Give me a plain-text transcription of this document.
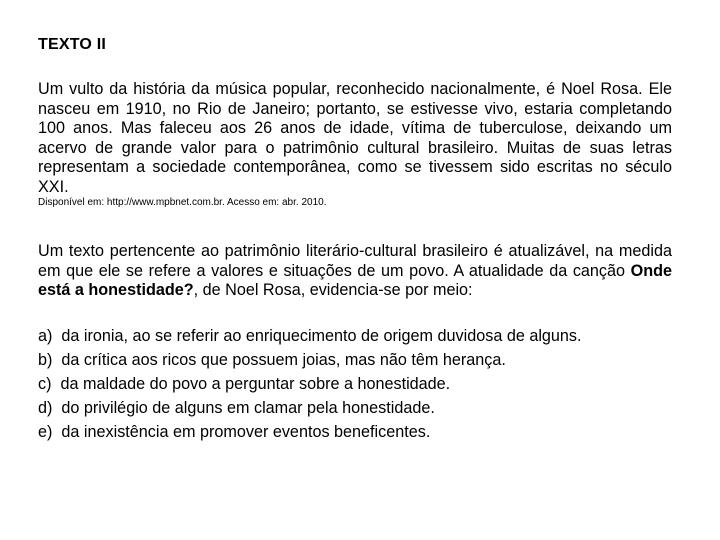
TEXTO II
Um vulto da história da música popular, reconhecido nacionalmente, é Noel Rosa. Ele nasceu em 1910, no Rio de Janeiro; portanto, se estivesse vivo, estaria completando 100 anos. Mas faleceu aos 26 anos de idade, vítima de tuberculose, deixando um acervo de grande valor para o patrimônio cultural brasileiro. Muitas de suas letras representam a sociedade contemporânea, como se tivessem sido escritas no século XXI.
Disponível em: http://www.mpbnet.com.br. Acesso em: abr. 2010.
Um texto pertencente ao patrimônio literário-cultural brasileiro é atualizável, na medida em que ele se refere a valores e situações de um povo. A atualidade da canção Onde está a honestidade?, de Noel Rosa, evidencia-se por meio:
a) da ironia, ao se referir ao enriquecimento de origem duvidosa de alguns.
b) da crítica aos ricos que possuem joias, mas não têm herança.
c) da maldade do povo a perguntar sobre a honestidade.
d) do privilégio de alguns em clamar pela honestidade.
e) da inexistência em promover eventos beneficentes.
